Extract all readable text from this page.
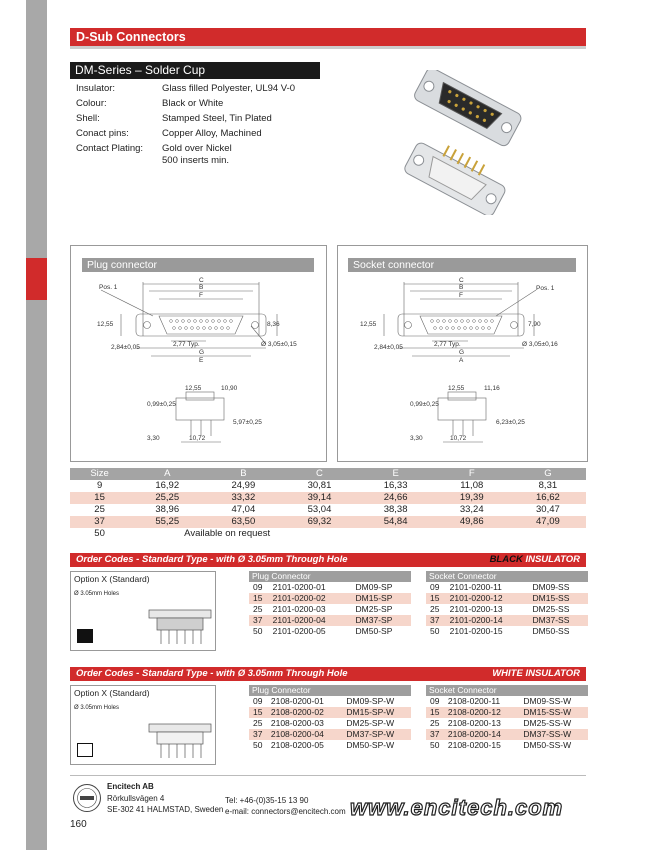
D-Sub Connectors
DM-Series – Solder Cup
Insulator:	Glass filled Polyester, UL94 V-0
Colour:	Black or White
Shell:	Stamped Steel, Tin Plated
Conact pins:	Copper Alloy, Machined
Contact Plating: Gold over Nickel
500 inserts min.
Plug connector
C
B
F
Pos. 1
12,55	8,36
2,84±0,05	2,77 Typ.
G
E
Ø 3,05±0,15
12,55	10,90
0,99±0,25
5,97±0,25
3,30	10,72
Socket connector
C
B
F
Pos. 1
12,55	7,90
2,84±0,05	2,77 Typ.
G
A
Ø 3,05±0,16
12,55	11,16
0,99±0,25
6,23±0,25
3,30	10,72
Size	A	B	C	E	F	G
9	16,92	24,99	30,81	16,33	11,08	8,31
15	25,25	33,32	39,14	24,66	19,39	16,62
25	38,96	47,04	53,04	38,38	33,24	30,47
37	55,25	63,50	69,32	54,84	49,86	47,09
50	Available on request					
Order Codes - Standard Type - with Ø 3.05mm Through Hole	BLACK INSULATOR
Option X (Standard)
Ø 3.05mm Holes
Plug Connector		
09	2101-0200-01	DM09-SP
15	2101-0200-02	DM15-SP
25	2101-0200-03	DM25-SP
37	2101-0200-04	DM37-SP
50	2101-0200-05	DM50-SP
Socket Connector		
09	2101-0200-11	DM09-SS
15	2101-0200-12	DM15-SS
25	2101-0200-13	DM25-SS
37	2101-0200-14	DM37-SS
50	2101-0200-15	DM50-SS
Order Codes - Standard Type - with Ø 3.05mm Through Hole	WHITE INSULATOR
Option X (Standard)
Ø 3.05mm Holes
Plug Connector		
09	2108-0200-01	DM09-SP-W
15	2108-0200-02	DM15-SP-W
25	2108-0200-03	DM25-SP-W
37	2108-0200-04	DM37-SP-W
50	2108-0200-05	DM50-SP-W
Socket Connector		
09	2108-0200-11	DM09-SS-W
15	2108-0200-12	DM15-SS-W
25	2108-0200-13	DM25-SS-W
37	2108-0200-14	DM37-SS-W
50	2108-0200-15	DM50-SS-W
Encitech AB
Rörkullsvägen 4
SE-302 41 HALMSTAD, Sweden
Tel: +46-(0)35-15 13 90
e-mail: connectors@encitech.com www.encitech.com
160
